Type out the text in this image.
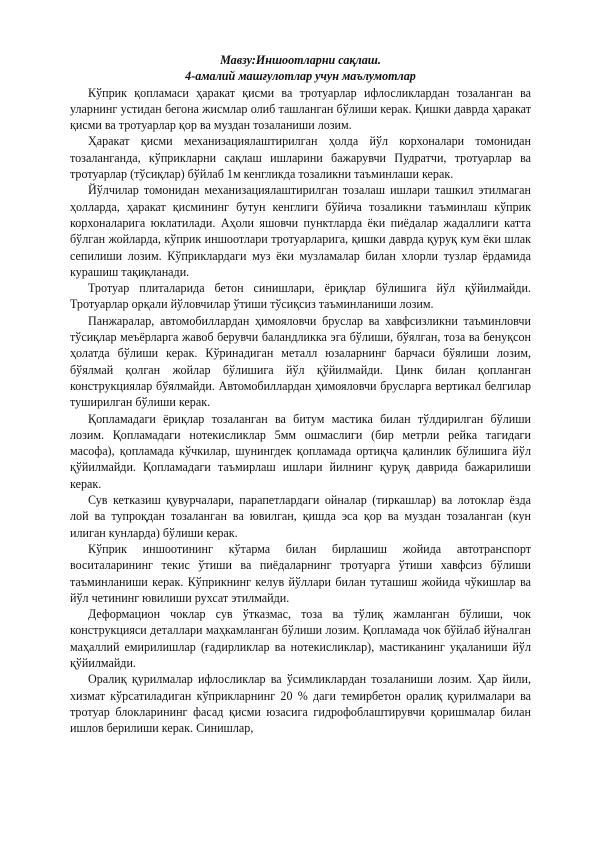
Мавзу:Иншоотларни сақлаш.

4-амалий машғулотлар учун маълумотлар

Кўприк қопламаси ҳаракат қисми ва тротуарлар ифлосликлардан тозаланган ва уларнинг устидан бегона жисмлар олиб ташланган бўлиши керак. Қишки даврда ҳаракат қисми ва тротуарлар қор ва муздан тозаланиши лозим.

Ҳаракат қисми механизациялаштирилган ҳолда йўл корхоналари томонидан тозаланганда, кўприкларни сақлаш ишларини бажарувчи Пудратчи, тротуарлар ва тротуарлар (тўсиқлар) бўйлаб 1м кенгликда тозаликни таъминлаши керак.

Йўлчилар томонидан механизациялаштирилган тозалаш ишлари ташкил этилмаган ҳолларда, ҳаракат қисмининг бутун кенглиги бўйича тозаликни таъминлаш кўприк корхоналарига юклатилади. Аҳоли яшовчи пунктларда ёки пиёдалар жадаллиги катта бўлган жойларда, кўприк иншоотлари тротуарларига, қишки даврда қуруқ кум ёки шлак сепилиши лозим. Кўприклардаги муз ёки музламалар билан хлорли тузлар ёрдамида курашиш тақиқланади.

Тротуар плиталарида бетон синишлари, ёриқлар бўлишига йўл қўйилмайди. Тротуарлар орқали йўловчилар ўтиши тўсиқсиз таъминланиши лозим.

Панжаралар, автомобиллардан ҳимояловчи бруслар ва хавфсизликни таъминловчи тўсиқлар меъёрларга жавоб берувчи баландликка эга бўлиши, бўялган, тоза ва бенуқсон ҳолатда бўлиши керак. Кўринадиган металл юзаларнинг барчаси бўялиши лозим, бўялмай қолган жойлар бўлишига йўл қўйилмайди. Цинк билан қопланган конструкциялар бўялмайди. Автомобиллардан ҳимояловчи брусларга вертикал белгилар туширилган бўлиши керак.

Қопламадаги ёриқлар тозаланган ва битум мастика билан тўлдирилган бўлиши лозим. Қопламадаги нотекисликлар 5мм ошмаслиги (бир метрли рейка тагидаги масофа), қопламада кўчкилар, шунингдек қопламада ортиқча қалинлик бўлишига йўл қўйилмайди. Қопламадаги таъмирлаш ишлари йилнинг қуруқ даврида бажарилиши керак.

Сув кетказиш қувурчалари, парапетлардаги ойналар (тиркашлар) ва лотоклар ёзда лой ва тупроқдан тозаланган ва ювилган, қишда эса қор ва муздан тозаланган (кун илиган кунларда) бўлиши керак.

Кўприк иншоотининг кўтарма билан бирлашиш жойида автотранспорт воситаларининг текис ўтиши ва пиёдаларнинг тротуарга ўтиши хавфсиз бўлиши таъминланиши керак. Кўприкнинг келув йўллари билан туташиш жойида чўкишлар ва йўл четининг ювилиши рухсат этилмайди.

Деформацион чоклар сув ўтказмас, тоза ва тўлиқ жамланган бўлиши, чок конструкцияси деталлари маҳкамланган бўлиши лозим. Қопламада чок бўйлаб йўналган маҳаллий емирилишлар (ғадирликлар ва нотекисликлар), мастиканинг уқаланиши йўл қўйилмайди.

Оралиқ қурилмалар ифлосликлар ва ўсимликлардан тозаланиши лозим. Ҳар йили, хизмат кўрсатиладиган кўприкларнинг 20 % даги темирбетон оралиқ қурилмалари ва тротуар блокларининг фасад қисми юзасига гидрофоблаштирувчи қоришмалар билан ишлов берилиши керак. Синишлар,
